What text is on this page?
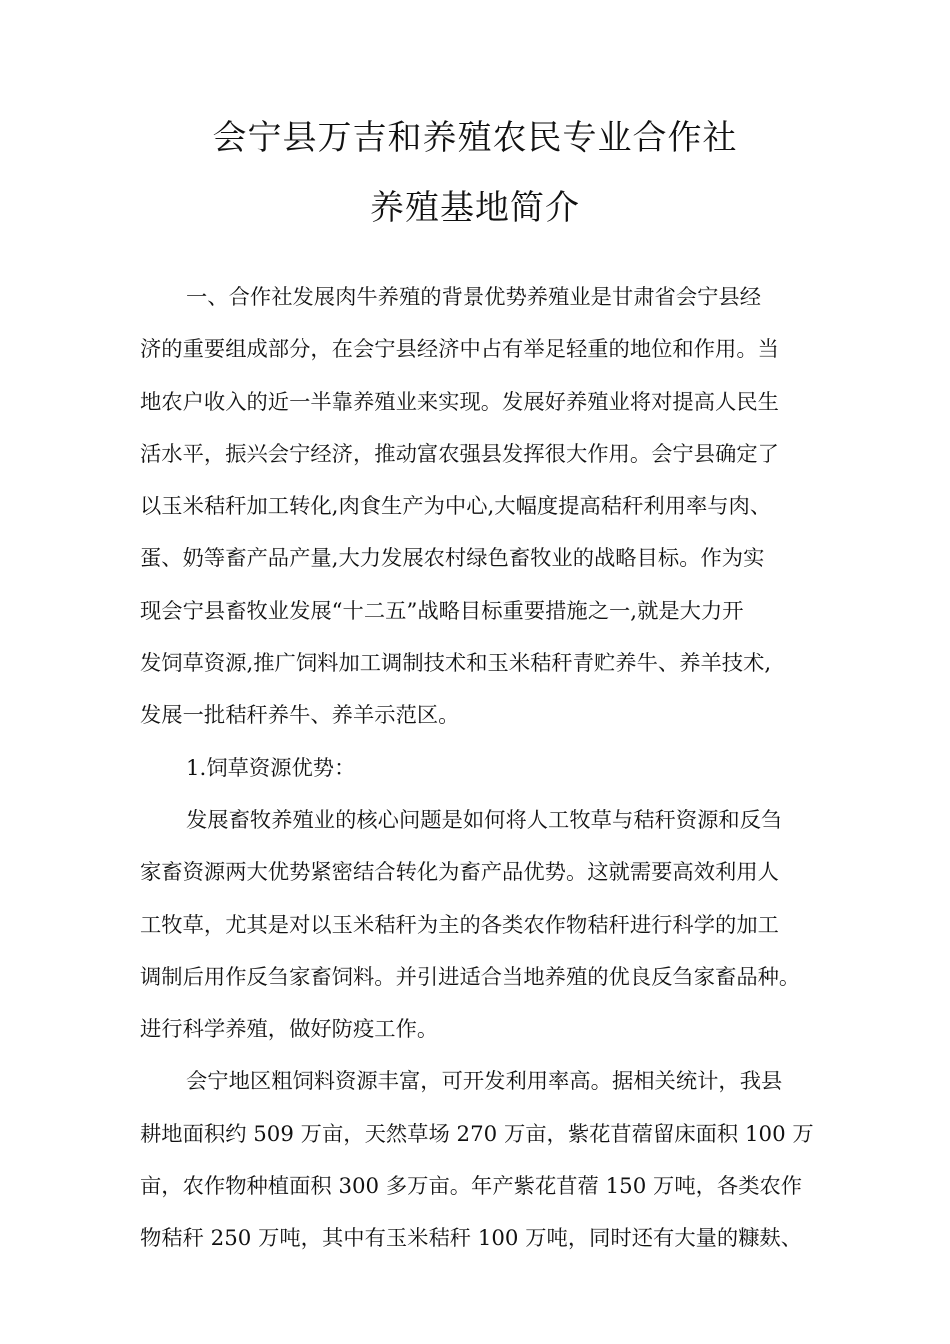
会宁县万吉和养殖农民专业合作社
养殖基地简介
一、合作社发展肉牛养殖的背景优势养殖业是甘肃省会宁县经
济的重要组成部分，在会宁县经济中占有举足轻重的地位和作用。当
地农户收入的近一半靠养殖业来实现。发展好养殖业将对提高人民生
活水平，振兴会宁经济，推动富农强县发挥很大作用。会宁县确定了
以玉米秸秆加工转化,肉食生产为中心,大幅度提高秸秆利用率与肉、
蛋、奶等畜产品产量,大力发展农村绿色畜牧业的战略目标。作为实
现会宁县畜牧业发展“十二五”战略目标重要措施之一,就是大力开
发饲草资源,推广饲料加工调制技术和玉米秸秆青贮养牛、养羊技术,
发展一批秸秆养牛、养羊示范区。
1.饲草资源优势：
发展畜牧养殖业的核心问题是如何将人工牧草与秸秆资源和反刍
家畜资源两大优势紧密结合转化为畜产品优势。这就需要高效利用人
工牧草，尤其是对以玉米秸秆为主的各类农作物秸秆进行科学的加工
调制后用作反刍家畜饲料。并引进适合当地养殖的优良反刍家畜品种。
进行科学养殖，做好防疫工作。
会宁地区粗饲料资源丰富，可开发利用率高。据相关统计，我县
耕地面积约 509 万亩，天然草场 270 万亩，紫花苜蓿留床面积 100 万
亩，农作物种植面积 300 多万亩。年产紫花苜蓿 150 万吨，各类农作
物秸秆 250 万吨，其中有玉米秸秆 100 万吨，同时还有大量的糠麸、
